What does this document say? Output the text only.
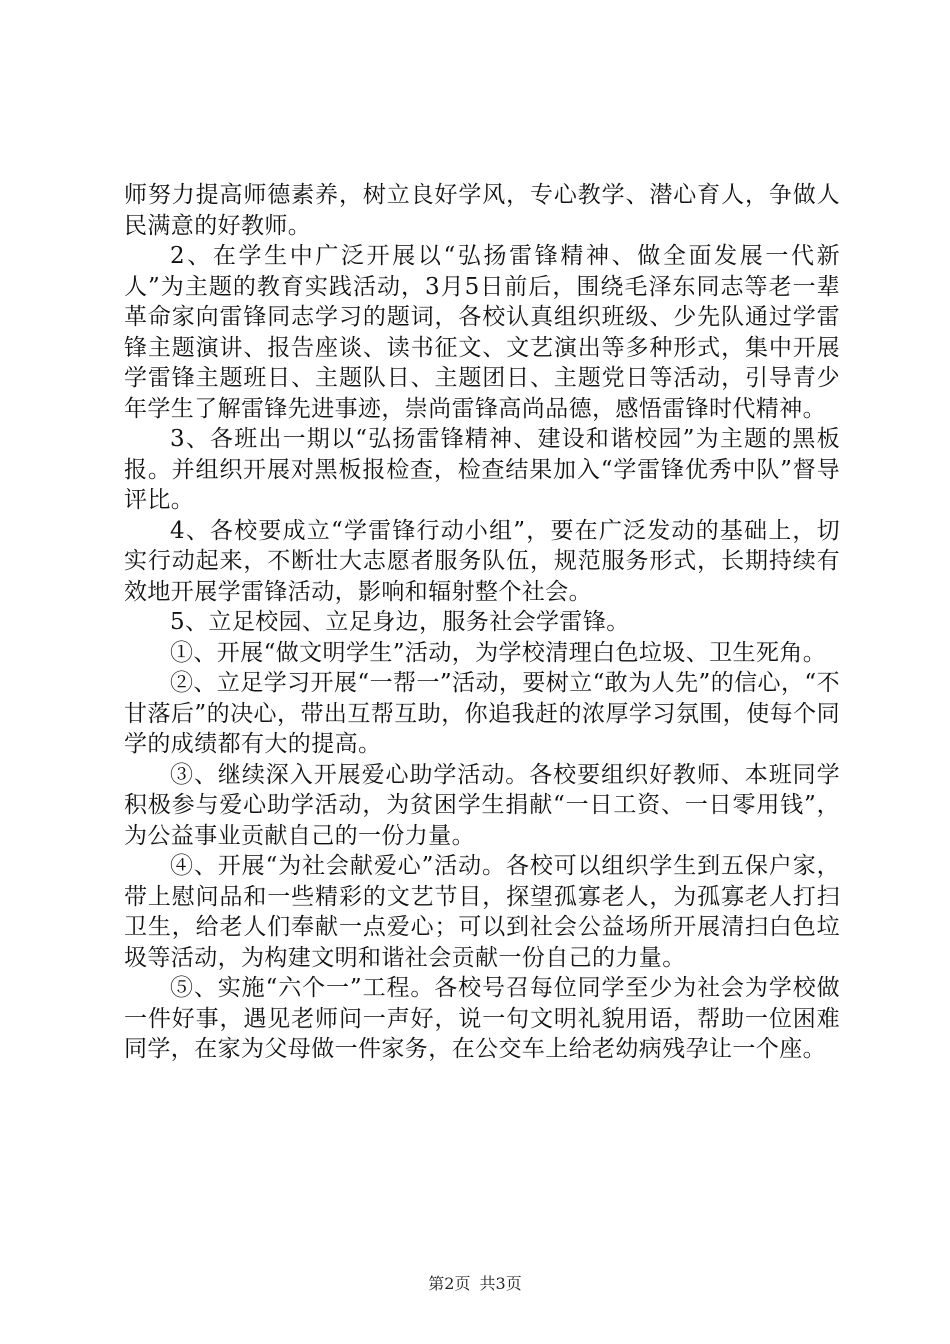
师努力提高师德素养，树立良好学风，专心教学、潜心育人，争做人民满意的好教师。

2、在学生中广泛开展以“弘扬雷锋精神、做全面发展一代新人”为主题的教育实践活动，3月5日前后，围绕毛泽东同志等老一辈革命家向雷锋同志学习的题词，各校认真组织班级、少先队通过学雷锋主题演讲、报告座谈、读书征文、文艺演出等多种形式，集中开展学雷锋主题班日、主题队日、主题团日、主题党日等活动，引导青少年学生了解雷锋先进事迹，崇尚雷锋高尚品德，感悟雷锋时代精神。

3、各班出一期以“弘扬雷锋精神、建设和谐校园”为主题的黑板报。并组织开展对黑板报检查，检查结果加入“学雷锋优秀中队”督导评比。

4、各校要成立“学雷锋行动小组”，要在广泛发动的基础上，切实行动起来，不断壮大志愿者服务队伍，规范服务形式，长期持续有效地开展学雷锋活动，影响和辐射整个社会。

5、立足校园、立足身边，服务社会学雷锋。

①、开展“做文明学生”活动，为学校清理白色垃圾、卫生死角。

②、立足学习开展“一帮一”活动，要树立“敢为人先”的信心，“不甘落后”的决心，带出互帮互助，你追我赶的浓厚学习氛围，使每个同学的成绩都有大的提高。

③、继续深入开展爱心助学活动。各校要组织好教师、本班同学积极参与爱心助学活动，为贫困学生捐献“一日工资、一日零用钱”，为公益事业贡献自己的一份力量。

④、开展“为社会献爱心”活动。各校可以组织学生到五保户家，带上慰问品和一些精彩的文艺节目，探望孤寡老人，为孤寡老人打扫卫生，给老人们奉献一点爱心；可以到社会公益场所开展清扫白色垃圾等活动，为构建文明和谐社会贡献一份自己的力量。

⑤、实施“六个一”工程。各校号召每位同学至少为社会为学校做一件好事，遇见老师问一声好，说一句文明礼貌用语，帮助一位困难同学，在家为父母做一件家务，在公交车上给老幼病残孕让一个座。

第2页 共3页
